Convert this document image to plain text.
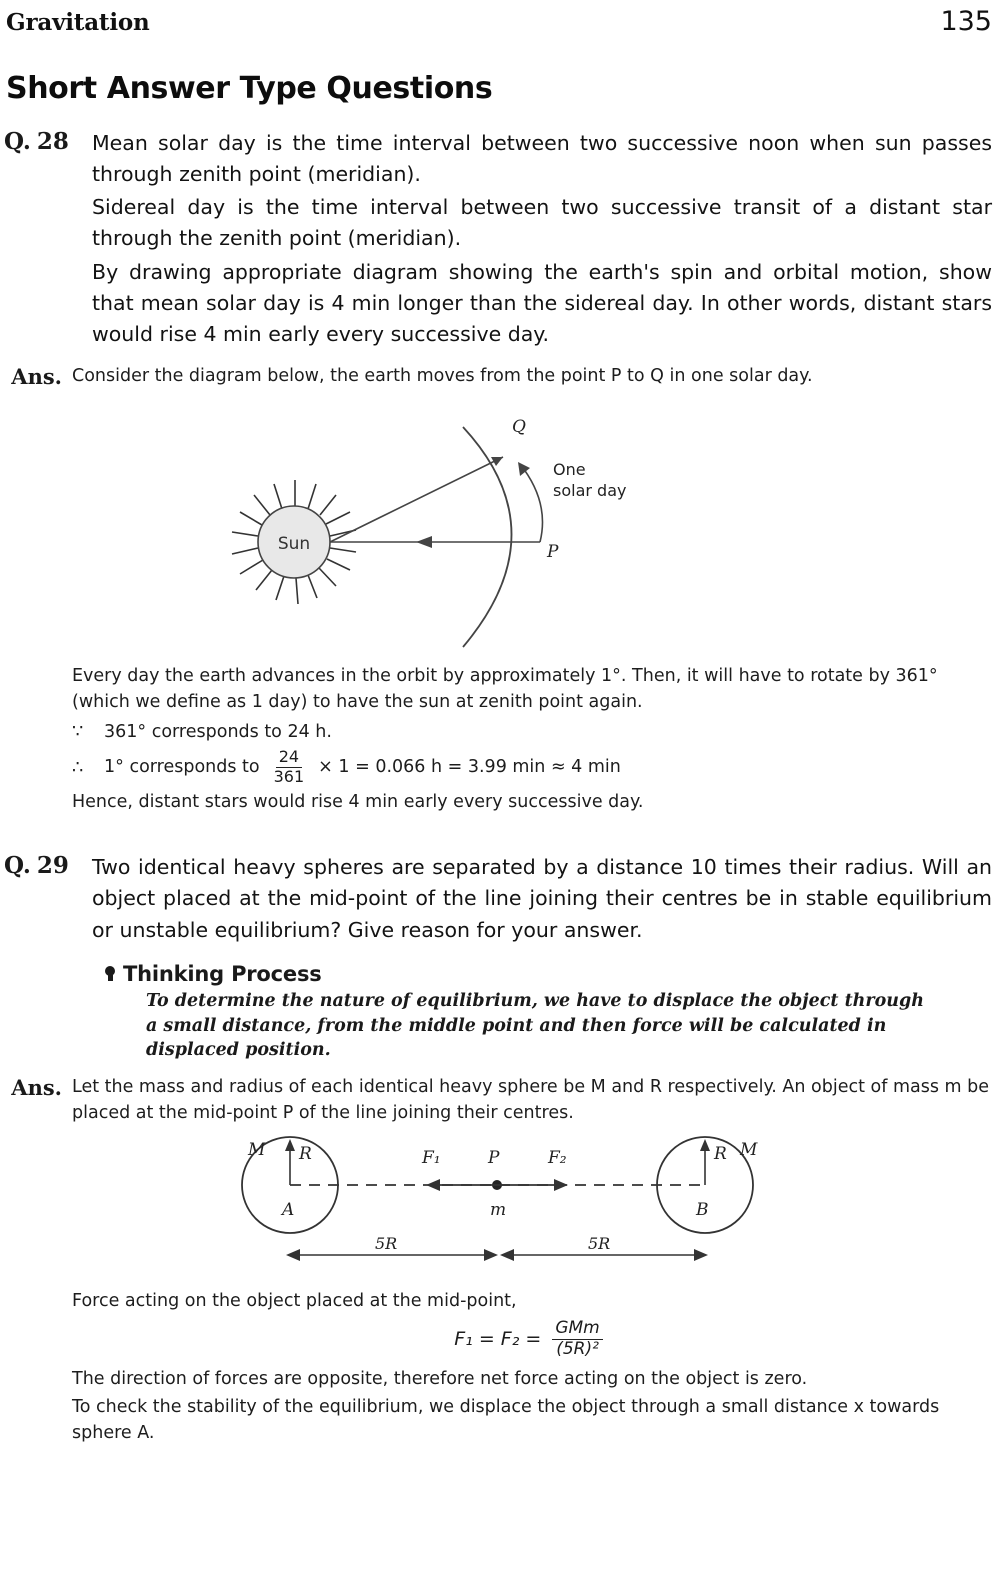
Gravitation	135
Short Answer Type Questions
Q. 28	Mean solar day is the time interval between two successive noon when sun passes through zenith point (meridian).

Sidereal day is the time interval between two successive transit of a distant star through the zenith point (meridian).

By drawing appropriate diagram showing the earth's spin and orbital motion, show that mean solar day is 4 min longer than the sidereal day. In other words, distant stars would rise 4 min early every successive day.

Ans. Consider the diagram below, the earth moves from the point P to Q in one solar day.

Sun
Q
P
One
solar day

Every day the earth advances in the orbit by approximately 1°. Then, it will have to rotate by 361° (which we define as 1 day) to have the sun at zenith point again.

∵	361° corresponds to 24 h.
∴	1° corresponds to $\frac{24}{361} \times 1 = 0.066$ h = 3.99 min ≈ 4 min

Hence, distant stars would rise 4 min early every successive day.

Q. 29	Two identical heavy spheres are separated by a distance 10 times their radius. Will an object placed at the mid-point of the line joining their centres be in stable equilibrium or unstable equilibrium? Give reason for your answer.

Thinking Process
To determine the nature of equilibrium, we have to displace the object through a small distance, from the middle point and then force will be calculated in displaced position.
Ans. Let the mass and radius of each identical heavy sphere be M and R respectively. An object of mass m be placed at the mid-point P of the line joining their centres.

M R
A
M
R
B
F₁	P	F₂
m
5R	5R

Force acting on the object placed at the mid-point,

$F_1 = F_2 = \frac{\text{GMm}}{\text{(5R)²}}$

The direction of forces are opposite, therefore net force acting on the object is zero.

To check the stability of the equilibrium, we displace the object through a small distance x towards sphere A.
